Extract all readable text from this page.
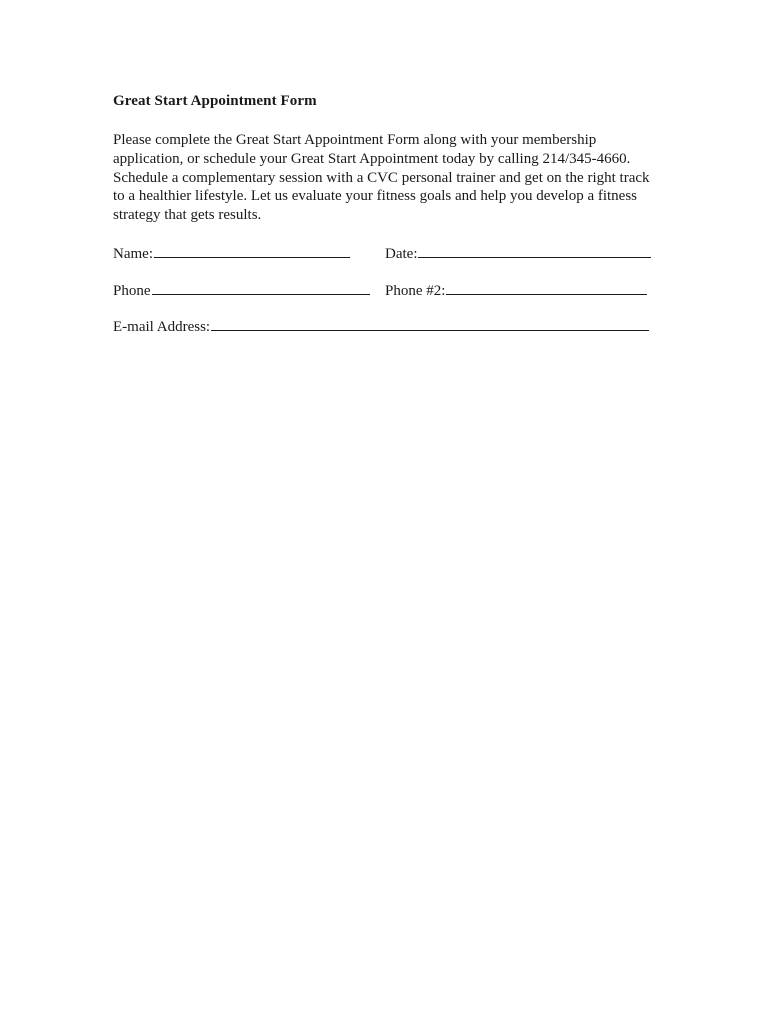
Great Start Appointment Form
Please complete the Great Start Appointment Form along with your membership
application, or schedule your Great Start Appointment today by calling 214/345-4660.
Schedule a complementary session with a CVC personal trainer and get on the right track
to a healthier lifestyle. Let us evaluate your fitness goals and help you develop a fitness
strategy that gets results.
Name:	Date:
Phone	Phone #2:
E-mail Address:
